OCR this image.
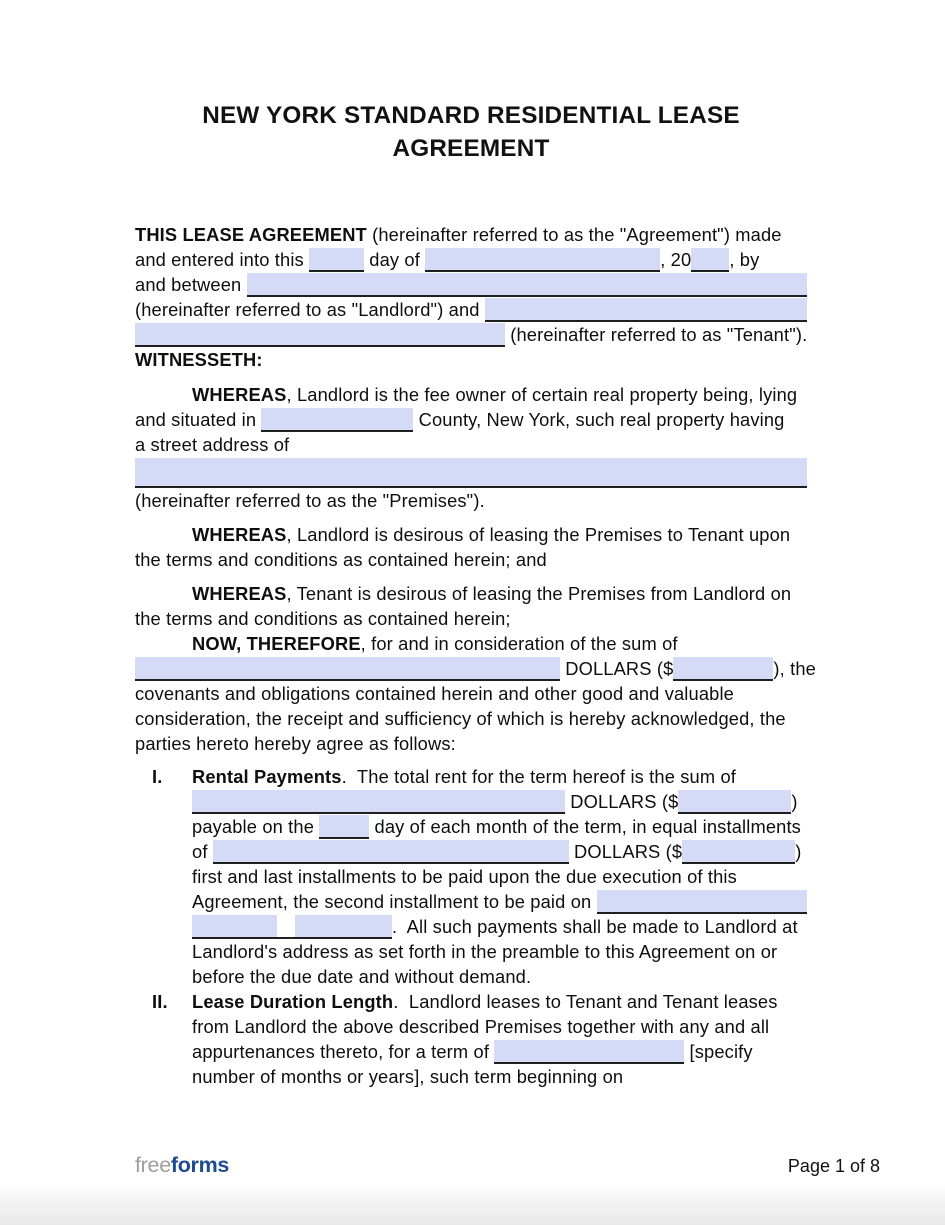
NEW YORK STANDARD RESIDENTIAL LEASE
AGREEMENT
THIS LEASE AGREEMENT (hereinafter referred to as the "Agreement") made
and entered into this	day of	, 20 , by
and between
(hereinafter referred to as "Landlord") and
(hereinafter referred to as "Tenant").
WITNESSETH:
WHEREAS , Landlord is the fee owner of certain real property being, lying
and situated in	County, New York, such real property having
a street address of
(hereinafter referred to as the "Premises").
WHEREAS , Landlord is desirous of leasing the Premises to Tenant upon
the terms and conditions as contained herein; and
WHEREAS , Tenant is desirous of leasing the Premises from Landlord on
the terms and conditions as contained herein;
NOW, THEREFORE , for and in consideration of the sum of
DOLLARS ($	), the
covenants and obligations contained herein and other good and valuable
consideration, the receipt and sufficiency of which is hereby acknowledged, the
parties hereto hereby agree as follows:
I.	Rental Payments .  The total rent for the term hereof is the sum of
DOLLARS ($	)
payable on the	day of each month of the term, in equal installments
of	DOLLARS ($	)
first and last installments to be paid upon the due execution of this
Agreement, the second installment to be paid on
.  All such payments shall be made to Landlord at
Landlord's address as set forth in the preamble to this Agreement on or
before the due date and without demand.
II.	Lease Duration Length .  Landlord leases to Tenant and Tenant leases
from Landlord the above described Premises together with any and all
appurtenances thereto, for a term of	[specify
number of months or years], such term beginning on
freeforms	Page 1 of 8
